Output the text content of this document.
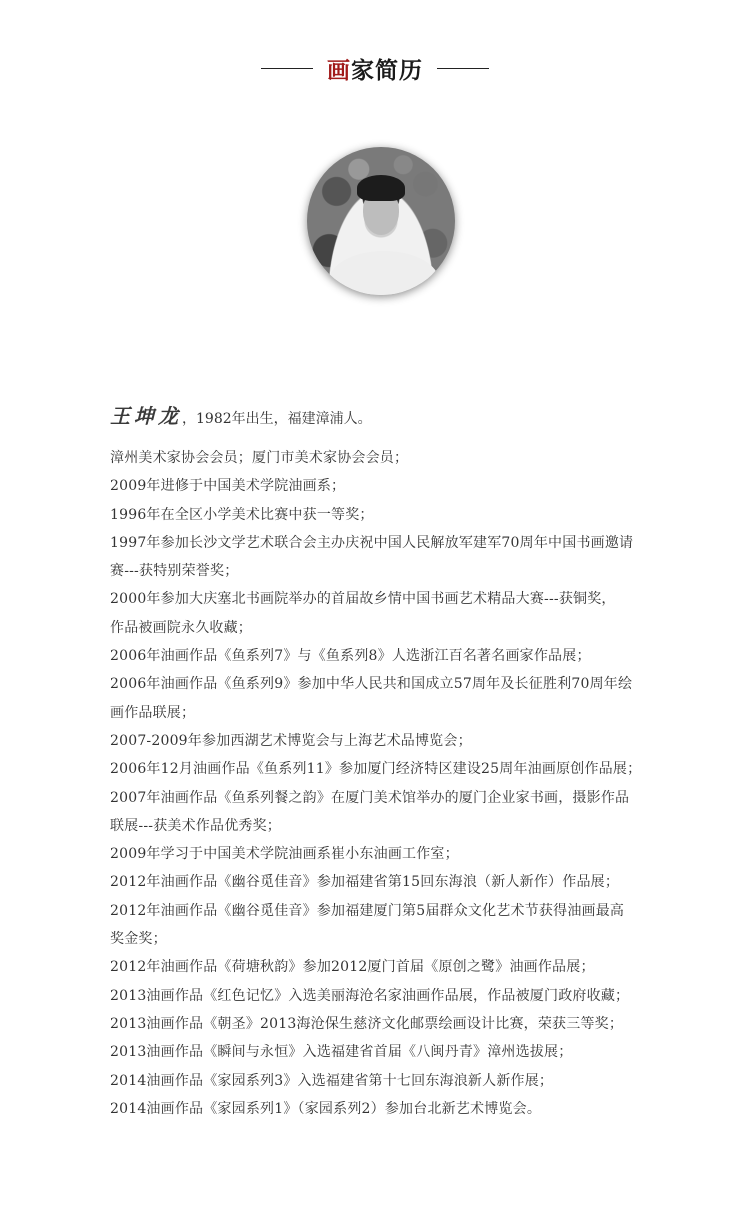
画家简历
王坤龙 ，1982年出生，福建漳浦人。
漳州美术家协会会员；厦门市美术家协会会员；
2009年进修于中国美术学院油画系；
1996年在全区小学美术比赛中获一等奖；
1997年参加长沙文学艺术联合会主办庆祝中国人民解放军建军70周年中国书画邀请
赛---获特别荣誉奖；
2000年参加大庆塞北书画院举办的首届故乡情中国书画艺术精品大赛---获铜奖，
作品被画院永久收藏；
2006年油画作品《鱼系列7》与《鱼系列8》人选浙江百名著名画家作品展；
2006年油画作品《鱼系列9》参加中华人民共和国成立57周年及长征胜利70周年绘
画作品联展；
2007-2009年参加西湖艺术博览会与上海艺术品博览会；
2006年12月油画作品《鱼系列11》参加厦门经济特区建设25周年油画原创作品展；
2007年油画作品《鱼系列餐之韵》在厦门美术馆举办的厦门企业家书画，摄影作品
联展---获美术作品优秀奖；
2009年学习于中国美术学院油画系崔小东油画工作室；
2012年油画作品《幽谷觅佳音》参加福建省第15回东海浪（新人新作）作品展；
2012年油画作品《幽谷觅佳音》参加福建厦门第5届群众文化艺术节获得油画最高
奖金奖；
2012年油画作品《荷塘秋韵》参加2012厦门首届《原创之鹭》油画作品展；
2013油画作品《红色记忆》入选美丽海沧名家油画作品展，作品被厦门政府收藏；
2013油画作品《朝圣》2013海沧保生慈济文化邮票绘画设计比赛，荣获三等奖；
2013油画作品《瞬间与永恒》入选福建省首届《八闽丹青》漳州选拔展；
2014油画作品《家园系列3》入选福建省第十七回东海浪新人新作展；
2014油画作品《家园系列1》（家园系列2）参加台北新艺术博览会。
